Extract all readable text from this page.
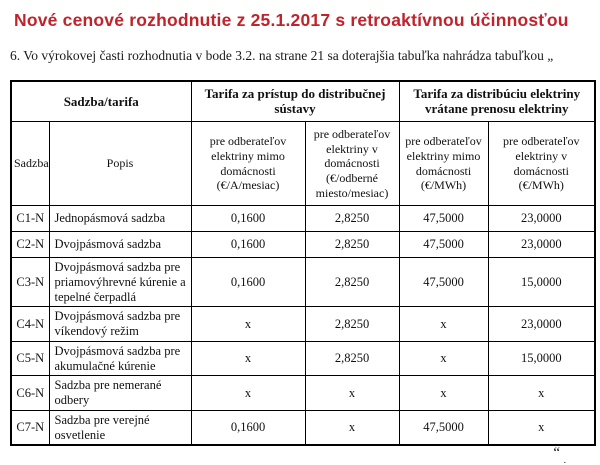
Nové cenové rozhodnutie z 25.1.2017 s retroaktívnou účinnosťou
6. Vo výrokovej časti rozhodnutia v bode 3.2. na strane 21 sa doterajšia tabuľka nahrádza tabuľkou „
Sadzba/tarifa		Tarifa za prístup do distribučnej sústavy		Tarifa za distribúciu elektriny vrátane prenosu elektriny	
Sadzba	Popis	pre odberateľov elektriny mimo domácnosti (€/A/mesiac)	pre odberateľov elektriny v domácnosti (€/odberné miesto/mesiac)	pre odberateľov elektriny mimo domácnosti (€/MWh)	pre odberateľov elektriny v domácnosti (€/MWh)
C1-N	Jednopásmová sadzba	0,1600	2,8250	47,5000	23,0000
C2-N	Dvojpásmová sadzba	0,1600	2,8250	47,5000	23,0000
C3-N	Dvojpásmová sadzba pre priamovýhrevné kúrenie a tepelné čerpadlá	0,1600	2,8250	47,5000	15,0000
C4-N	Dvojpásmová sadzba pre víkendový režim	x	2,8250	x	23,0000
C5-N	Dvojpásmová sadzba pre akumulačné kúrenie	x	2,8250	x	15,0000
C6-N	Sadzba pre nemerané odbery	x	x	x	x
C7-N	Sadzba pre verejné osvetlenie	0,1600	x	47,5000	x
“ .
